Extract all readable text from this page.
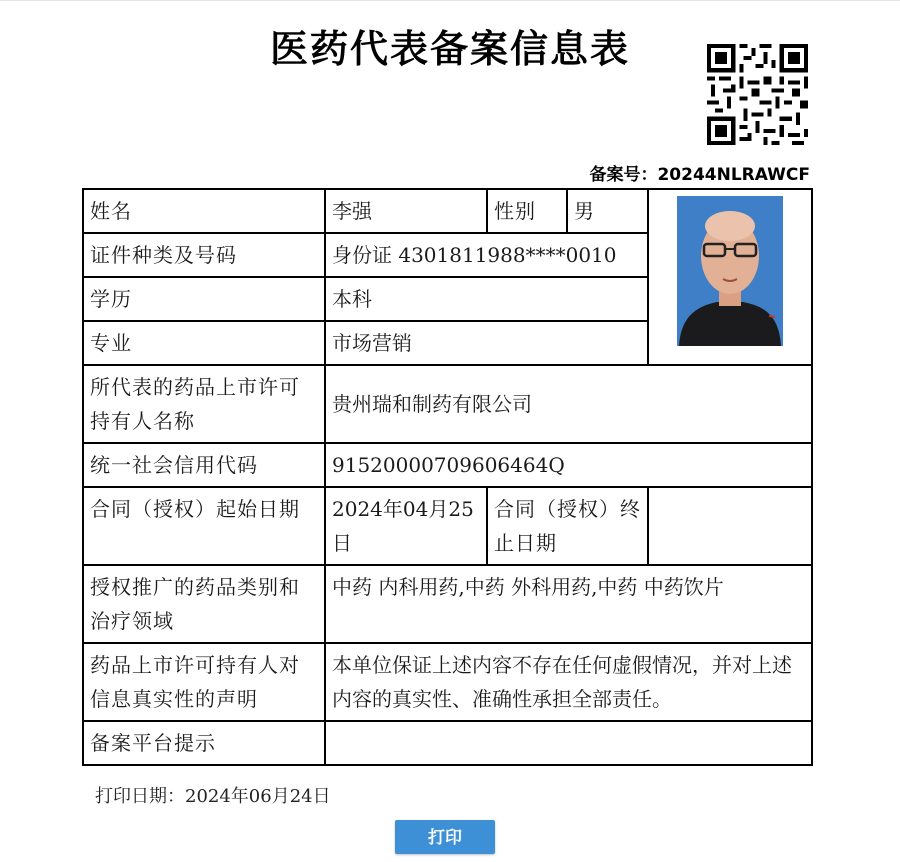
医药代表备案信息表
备案号：20244NLRAWCF
姓名	李强	性别	男	

证件种类及号码	身份证 4301811988****0010			
学历	本科			
专业	市场营销			
所代表的药品上市许可持有人名称	贵州瑞和制药有限公司			
统一社会信用代码	91520000709606464Q			
合同（授权）起始日期	2024年04月25日	合同（授权）终止日期		
授权推广的药品类别和治疗领域	中药 内科用药,中药 外科用药,中药 中药饮片			
药品上市许可持有人对信息真实性的声明	本单位保证上述内容不存在任何虚假情况，并对上述内容的真实性、准确性承担全部责任。			
备案平台提示				
打印日期：2024年06月24日
打印
